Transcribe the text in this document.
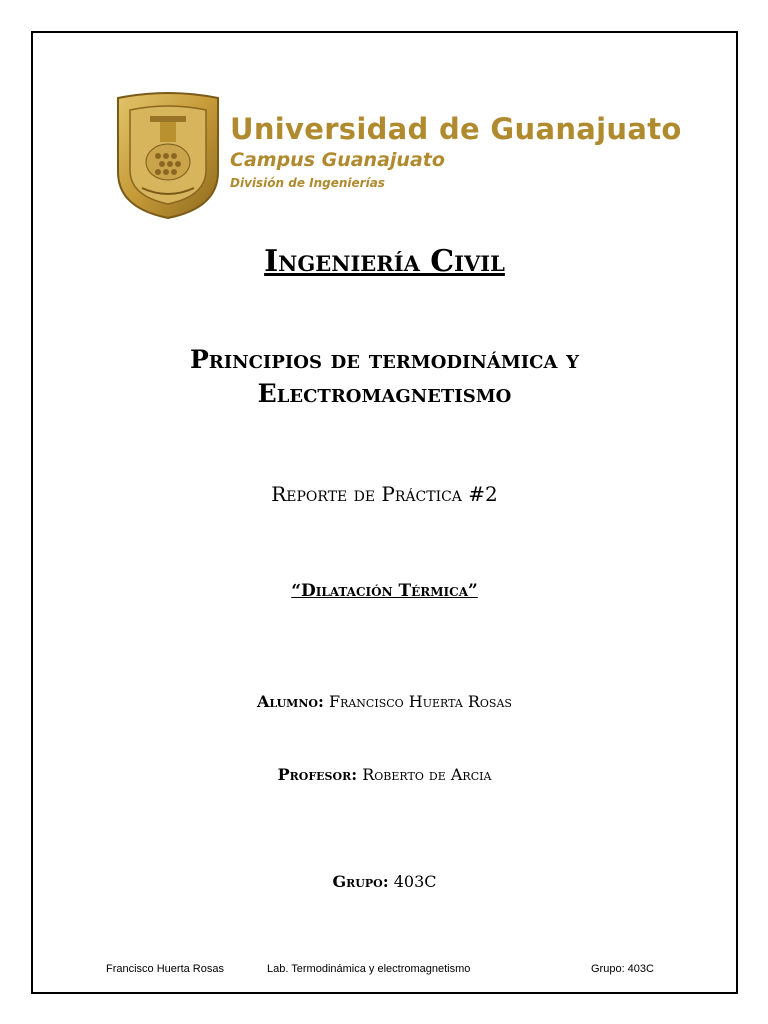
Universidad de Guanajuato
Campus Guanajuato
División de Ingenierías
Ingeniería Civil
Principios de termodinámica y
Electromagnetismo
Reporte de Práctica #2
“Dilatación Térmica”
Alumno: Francisco Huerta Rosas
Profesor: Roberto de Arcia
Grupo: 403C
Francisco Huerta Rosas	Lab. Termodinámica y electromagnetismo	Grupo: 403C
